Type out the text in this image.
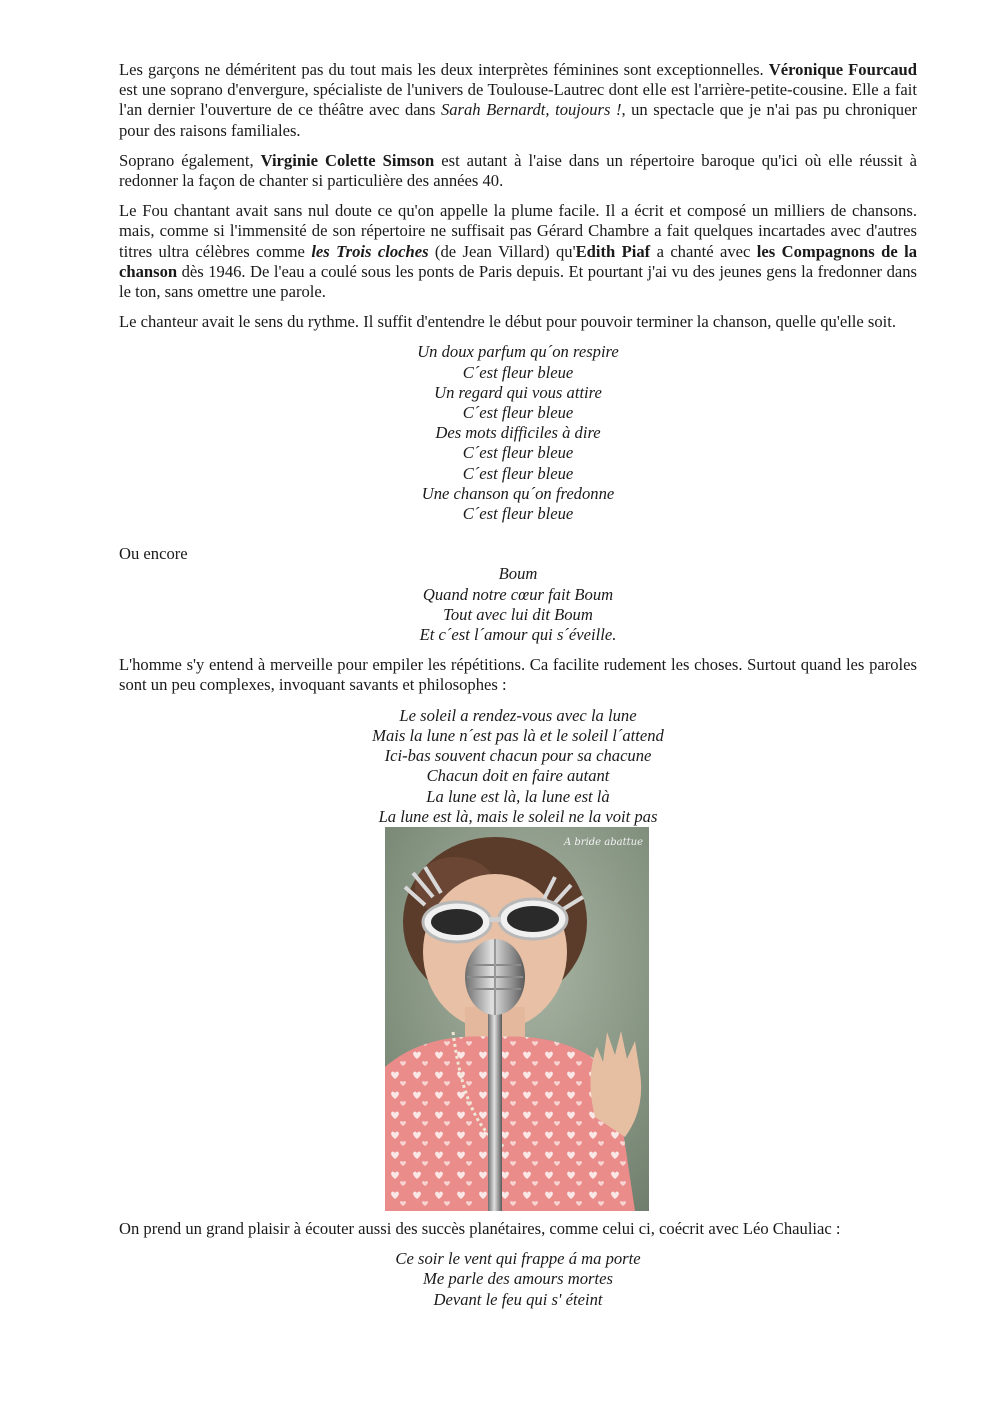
Les garçons ne déméritent pas du tout mais les deux interprètes féminines sont exceptionnelles. Véronique Fourcaud est une soprano d'envergure, spécialiste de l'univers de Toulouse-Lautrec dont elle est l'arrière-petite-cousine. Elle a fait l'an dernier l'ouverture de ce théâtre avec dans Sarah Bernardt, toujours !, un spectacle que je n'ai pas pu chroniquer pour des raisons familiales.

Soprano également, Virginie Colette Simson est autant à l'aise dans un répertoire baroque qu'ici où elle réussit à redonner la façon de chanter si particulière des années 40.

Le Fou chantant avait sans nul doute ce qu'on appelle la plume facile. Il a écrit et composé un milliers de chansons. mais, comme si l'immensité de son répertoire ne suffisait pas Gérard Chambre a fait quelques incartades avec d'autres titres ultra célèbres comme les Trois cloches (de Jean Villard) qu'Edith Piaf a chanté avec les Compagnons de la chanson dès 1946. De l'eau a coulé sous les ponts de Paris depuis. Et pourtant j'ai vu des jeunes gens la fredonner dans le ton, sans omettre une parole.

Le chanteur avait le sens du rythme. Il suffit d'entendre le début pour pouvoir terminer la chanson, quelle qu'elle soit.

Un doux parfum qu´on respire
C´est fleur bleue
Un regard qui vous attire
C´est fleur bleue
Des mots difficiles à dire
C´est fleur bleue
C´est fleur bleue
Une chanson qu´on fredonne
C´est fleur bleue

Ou encore

Boum
Quand notre cœur fait Boum
Tout avec lui dit Boum
Et c´est l´amour qui s´éveille.

L'homme s'y entend à merveille pour empiler les répétitions. Ca facilite rudement les choses. Surtout quand les paroles sont un peu complexes, invoquant savants et philosophes :

Le soleil a rendez-vous avec la lune
Mais la lune n´est pas là et le soleil l´attend
Ici-bas souvent chacun pour sa chacune
Chacun doit en faire autant
La lune est là, la lune est là
La lune est là, mais le soleil ne la voit pas
A bride abattue

On prend un grand plaisir à écouter aussi des succès planétaires, comme celui ci, coécrit avec Léo Chauliac :

Ce soir le vent qui frappe á ma porte
Me parle des amours mortes
Devant le feu qui s' éteint
